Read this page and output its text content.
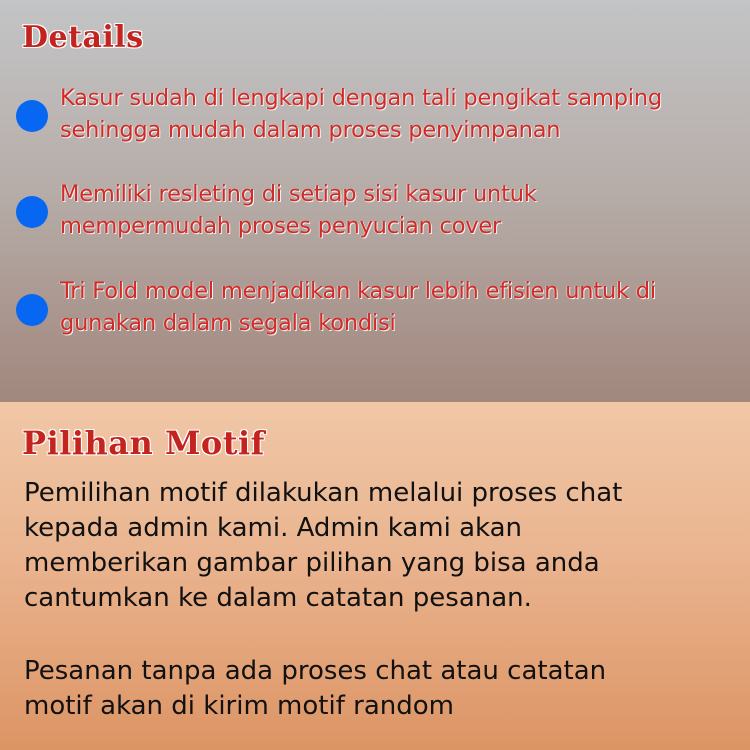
Details
Kasur sudah di lengkapi dengan tali pengikat samping
sehingga mudah dalam proses penyimpanan
Memiliki resleting di setiap sisi kasur untuk
mempermudah proses penyucian cover
Tri Fold model menjadikan kasur lebih efisien untuk di
gunakan dalam segala kondisi
Pilihan Motif
Pemilihan motif dilakukan melalui proses chat
kepada admin kami. Admin kami akan
memberikan gambar pilihan yang bisa anda
cantumkan ke dalam catatan pesanan.
Pesanan tanpa ada proses chat atau catatan
motif akan di kirim motif random
